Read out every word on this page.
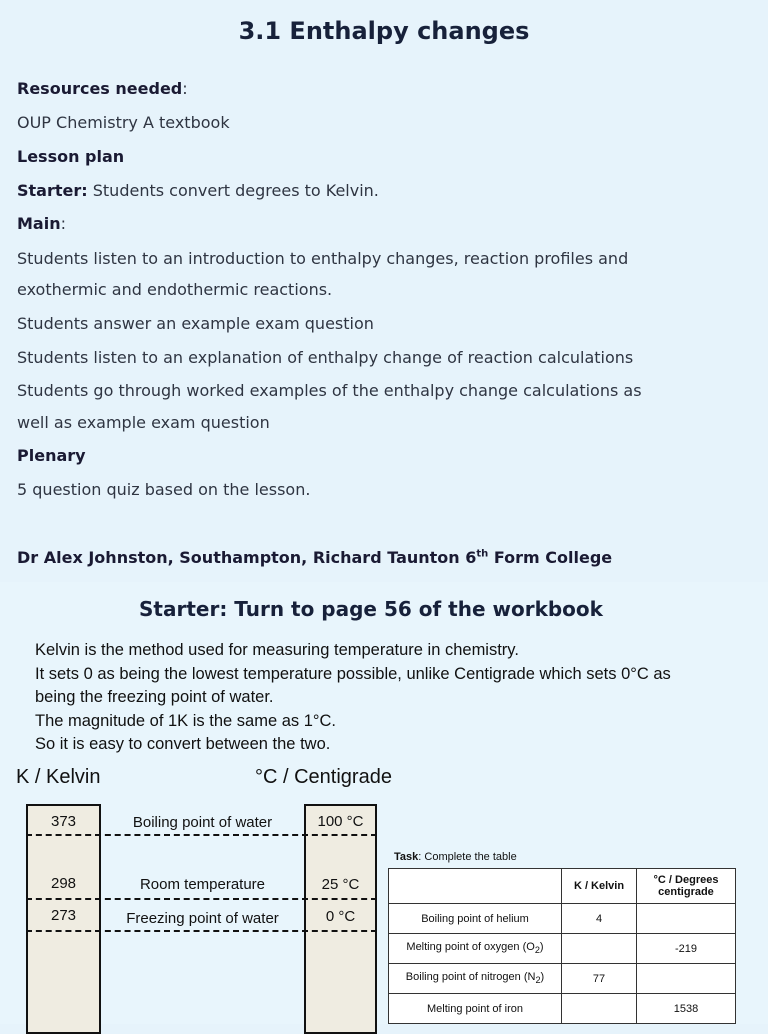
3.1 Enthalpy changes
Resources needed:
OUP Chemistry A textbook
Lesson plan
Starter: Students convert degrees to Kelvin.
Main:
Students listen to an introduction to enthalpy changes, reaction profiles and
exothermic and endothermic reactions.
Students answer an example exam question
Students listen to an explanation of enthalpy change of reaction calculations
Students go through worked examples of the enthalpy change calculations as
well as example exam question
Plenary
5 question quiz based on the lesson.
Dr Alex Johnston, Southampton, Richard Taunton 6th Form College
Starter: Turn to page 56 of the workbook
Kelvin is the method used for measuring temperature in chemistry.
It sets 0 as being the lowest temperature possible, unlike Centigrade which sets 0°C as
being the freezing point of water.
The magnitude of 1K is the same as 1°C.
So it is easy to convert between the two.
K / Kelvin	°C / Centigrade
373	Boiling point of water	100 °C
298	Room temperature	25 °C
273	Freezing point of water	0 °C
Task: Complete the table
	K / Kelvin	°C / Degrees centigrade
Boiling point of helium	4	
Melting point of oxygen $(O_2)$		-219
Boiling point of nitrogen $(N_2)$	77	
Melting point of iron		1538
